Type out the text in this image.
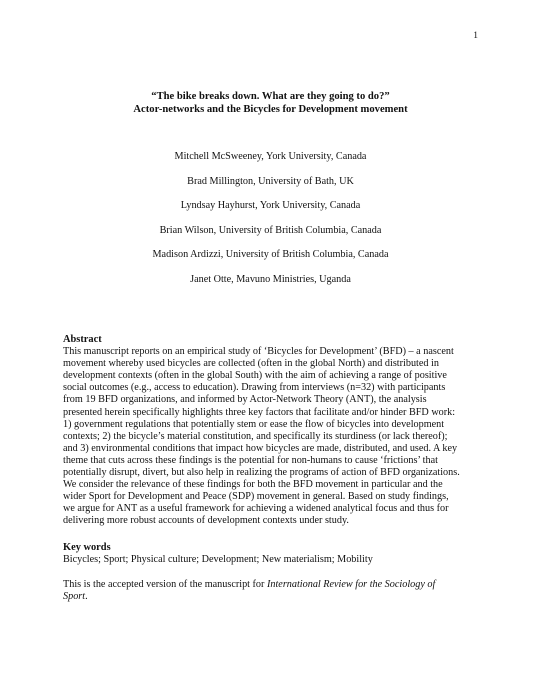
1
“The bike breaks down. What are they going to do?”
Actor-networks and the Bicycles for Development movement
Mitchell McSweeney, York University, Canada
Brad Millington, University of Bath, UK
Lyndsay Hayhurst, York University, Canada
Brian Wilson, University of British Columbia, Canada
Madison Ardizzi, University of British Columbia, Canada
Janet Otte, Mavuno Ministries, Uganda
Abstract
This manuscript reports on an empirical study of ‘Bicycles for Development’ (BFD) – a nascent
movement whereby used bicycles are collected (often in the global North) and distributed in
development contexts (often in the global South) with the aim of achieving a range of positive
social outcomes (e.g., access to education). Drawing from interviews (n=32) with participants
from 19 BFD organizations, and informed by Actor-Network Theory (ANT), the analysis
presented herein specifically highlights three key factors that facilitate and/or hinder BFD work:
1) government regulations that potentially stem or ease the flow of bicycles into development
contexts; 2) the bicycle’s material constitution, and specifically its sturdiness (or lack thereof);
and 3) environmental conditions that impact how bicycles are made, distributed, and used. A key
theme that cuts across these findings is the potential for non-humans to cause ‘frictions’ that
potentially disrupt, divert, but also help in realizing the programs of action of BFD organizations.
We consider the relevance of these findings for both the BFD movement in particular and the
wider Sport for Development and Peace (SDP) movement in general. Based on study findings,
we argue for ANT as a useful framework for achieving a widened analytical focus and thus for
delivering more robust accounts of development contexts under study.
Key words
Bicycles; Sport; Physical culture; Development; New materialism; Mobility
This is the accepted version of the manuscript for International Review for the Sociology of
Sport.
